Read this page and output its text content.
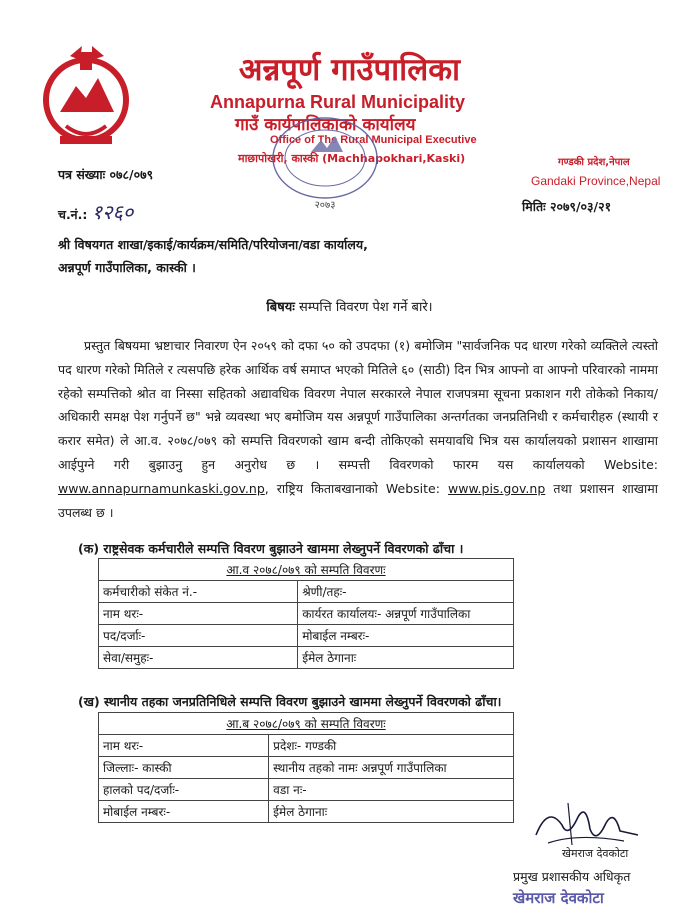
अन्नपूर्ण गाउँपालिका
Annapurna Rural Municipality
गाउँ कार्यपालिकाको कार्यालय
Office of The Rural Municipal Executive
माछापोखरी, कास्की (Machhapokhari,Kaski)	गण्डकी प्रदेश,नेपाल
Gandaki Province,Nepal
२०७३
पत्र संख्याः ०७८/०७९
च.नं.: १२६०	मितिः २०७९/०३/२१
श्री विषयगत शाखा/इकाई/कार्यक्रम/समिति/परियोजना/वडा कार्यालय,
अन्नपूर्ण गाउँपालिका, कास्की ।
बिषयः सम्पत्ति विवरण पेश गर्ने बारे।
प्रस्तुत बिषयमा भ्रष्टाचार निवारण ऐन २०५९ को दफा ५० को उपदफा (१) बमोजिम "सार्वजनिक पद धारण गरेको व्यक्तिले त्यस्तो पद धारण गरेको मितिले र त्यसपछि हरेक आर्थिक वर्ष समाप्त भएको मितिले ६० (साठी) दिन भित्र आफ्नो वा आफ्नो परिवारको नाममा रहेको सम्पत्तिको श्रोत वा निस्सा सहितको अद्यावधिक विवरण नेपाल सरकारले नेपाल राजपत्रमा सूचना प्रकाशन गरी तोकेको निकाय/अधिकारी समक्ष पेश गर्नुपर्ने छ" भन्ने व्यवस्था भए बमोजिम यस अन्नपूर्ण गाउँपालिका अन्तर्गतका जनप्रतिनिधी र कर्मचारीहरु (स्थायी र करार समेत) ले आ.व. २०७८/०७९ को सम्पत्ति विवरणको खाम बन्दी तोकिएको समयावधि भित्र यस कार्यालयको प्रशासन शाखामा आईपुग्ने गरी बुझाउनु हुन अनुरोध छ । सम्पत्ती विवरणको फारम यस कार्यालयको Website: www.annapurnamunkaski.gov.np, राष्ट्रिय किताबखानाको Website: www.pis.gov.np तथा प्रशासन शाखामा उपलब्ध छ ।
(क) राष्ट्रसेवक कर्मचारीले सम्पत्ति विवरण बुझाउने खाममा लेख्नुपर्ने विवरणको ढाँचा ।
आ.व २०७८/०७९ को सम्पति विवरणः	
कर्मचारीको संकेत नं.-	श्रेणी/तहः-
नाम थरः-	कार्यरत कार्यालयः- अन्नपूर्ण गाउँपालिका
पद/दर्जाः-	मोबाईल नम्बरः-
सेवा/समुहः-	ईमेल ठेगानाः
(ख) स्थानीय तहका जनप्रतिनिधिले सम्पत्ति विवरण बुझाउने खाममा लेख्नुपर्ने विवरणको ढाँचा।
आ.ब २०७८/०७९ को सम्पति विवरणः	
नाम थरः-	प्रदेशः- गण्डकी
जिल्लाः- कास्की	स्थानीय तहको नामः अन्नपूर्ण गाउँपालिका
हालको पद/दर्जाः-	वडा नः-
मोबाईल नम्बरः-	ईमेल ठेगानाः
खेमराज देवकोटा
प्रमुख प्रशासकीय अधिकृत
खेमराज देवकोटा
